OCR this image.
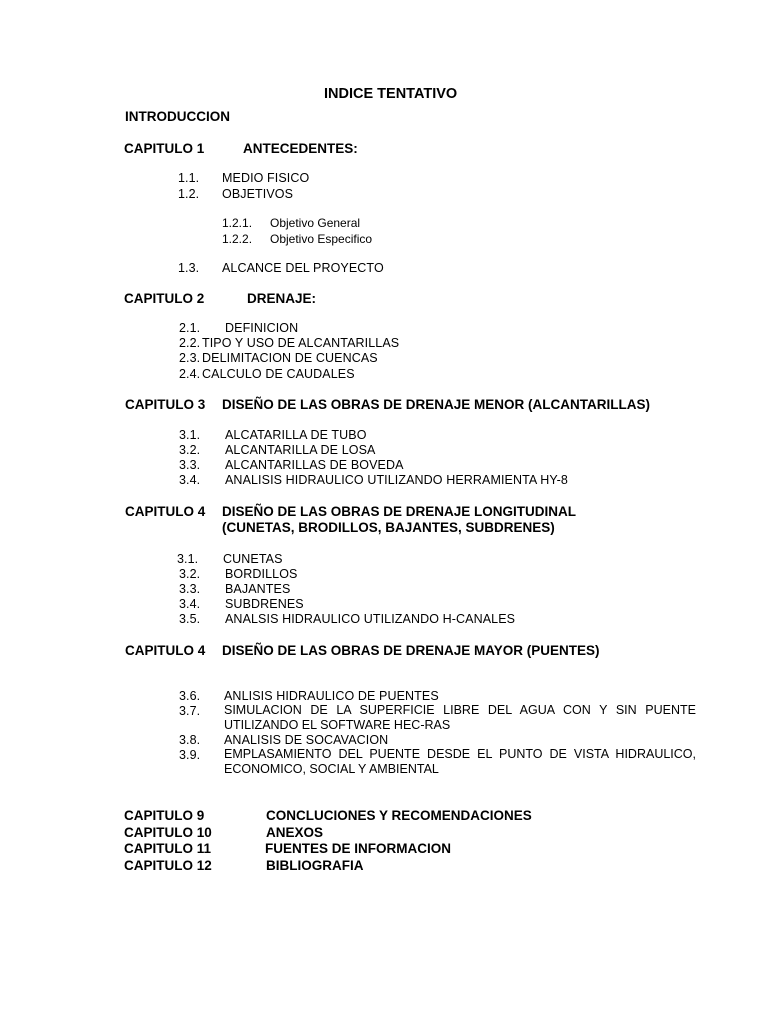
INDICE TENTATIVO
INTRODUCCION
CAPITULO 1	ANTECEDENTES:
1.1. MEDIO FISICO
1.2. OBJETIVOS
1.2.1. Objetivo General
1.2.2. Objetivo Especifico
1.3. ALCANCE DEL PROYECTO
CAPITULO 2	DRENAJE:
2.1. DEFINICION
2.2. TIPO Y USO DE ALCANTARILLAS
2.3. DELIMITACION DE CUENCAS
2.4. CALCULO DE CAUDALES
CAPITULO 3 DISEÑO DE LAS OBRAS DE DRENAJE MENOR (ALCANTARILLAS)
3.1. ALCATARILLA DE TUBO
3.2. ALCANTARILLA DE LOSA
3.3. ALCANTARILLAS DE BOVEDA
3.4. ANALISIS HIDRAULICO UTILIZANDO HERRAMIENTA HY-8
CAPITULO 4 DISEÑO DE LAS OBRAS DE DRENAJE LONGITUDINAL
(CUNETAS, BRODILLOS, BAJANTES, SUBDRENES)
3.1. CUNETAS
3.2. BORDILLOS
3.3. BAJANTES
3.4. SUBDRENES
3.5. ANALSIS HIDRAULICO UTILIZANDO H-CANALES
CAPITULO 4 DISEÑO DE LAS OBRAS DE DRENAJE MAYOR (PUENTES)
3.6. ANLISIS HIDRAULICO DE PUENTES
3.7. SIMULACION DE LA SUPERFICIE LIBRE DEL AGUA CON Y SIN PUENTE UTILIZANDO EL SOFTWARE HEC-RAS
3.8. ANALISIS DE SOCAVACION
3.9. EMPLASAMIENTO DEL PUENTE DESDE EL PUNTO DE VISTA HIDRAULICO, ECONOMICO, SOCIAL Y AMBIENTAL
CAPITULO 9	CONCLUCIONES Y RECOMENDACIONES
CAPITULO 10	ANEXOS
CAPITULO 11	FUENTES DE INFORMACION
CAPITULO 12	BIBLIOGRAFIA
